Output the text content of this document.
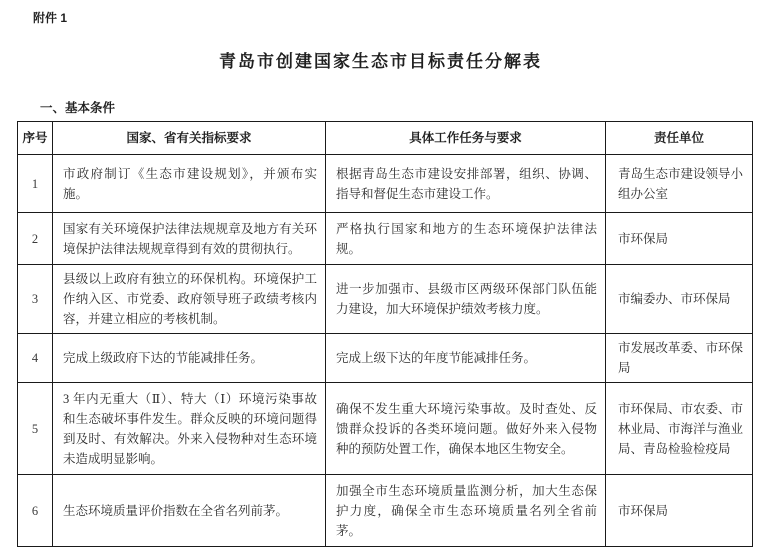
附件 1
青岛市创建国家生态市目标责任分解表
一、基本条件
序号	国家、省有关指标要求	具体工作任务与要求	责任单位
1	市政府制订《生态市建设规划》，并颁布实施。	根据青岛生态市建设安排部署，组织、协调、指导和督促生态市建设工作。	青岛生态市建设领导小组办公室
2	国家有关环境保护法律法规规章及地方有关环境保护法律法规规章得到有效的贯彻执行。	严格执行国家和地方的生态环境保护法律法规。	市环保局
3	县级以上政府有独立的环保机构。环境保护工作纳入区、市党委、政府领导班子政绩考核内容，并建立相应的考核机制。	进一步加强市、县级市区两级环保部门队伍能力建设，加大环境保护绩效考核力度。	市编委办、市环保局
4	完成上级政府下达的节能减排任务。	完成上级下达的年度节能减排任务。	市发展改革委、市环保局
5	3 年内无重大（Ⅱ）、特大（Ⅰ）环境污染事故和生态破坏事件发生。群众反映的环境问题得到及时、有效解决。外来入侵物种对生态环境未造成明显影响。	确保不发生重大环境污染事故。及时查处、反馈群众投诉的各类环境问题。做好外来入侵物种的预防处置工作，确保本地区生物安全。	市环保局、市农委、市林业局、市海洋与渔业局、青岛检验检疫局
6	生态环境质量评价指数在全省名列前茅。	加强全市生态环境质量监测分析，加大生态保护力度，确保全市生态环境质量名列全省前茅。	市环保局
